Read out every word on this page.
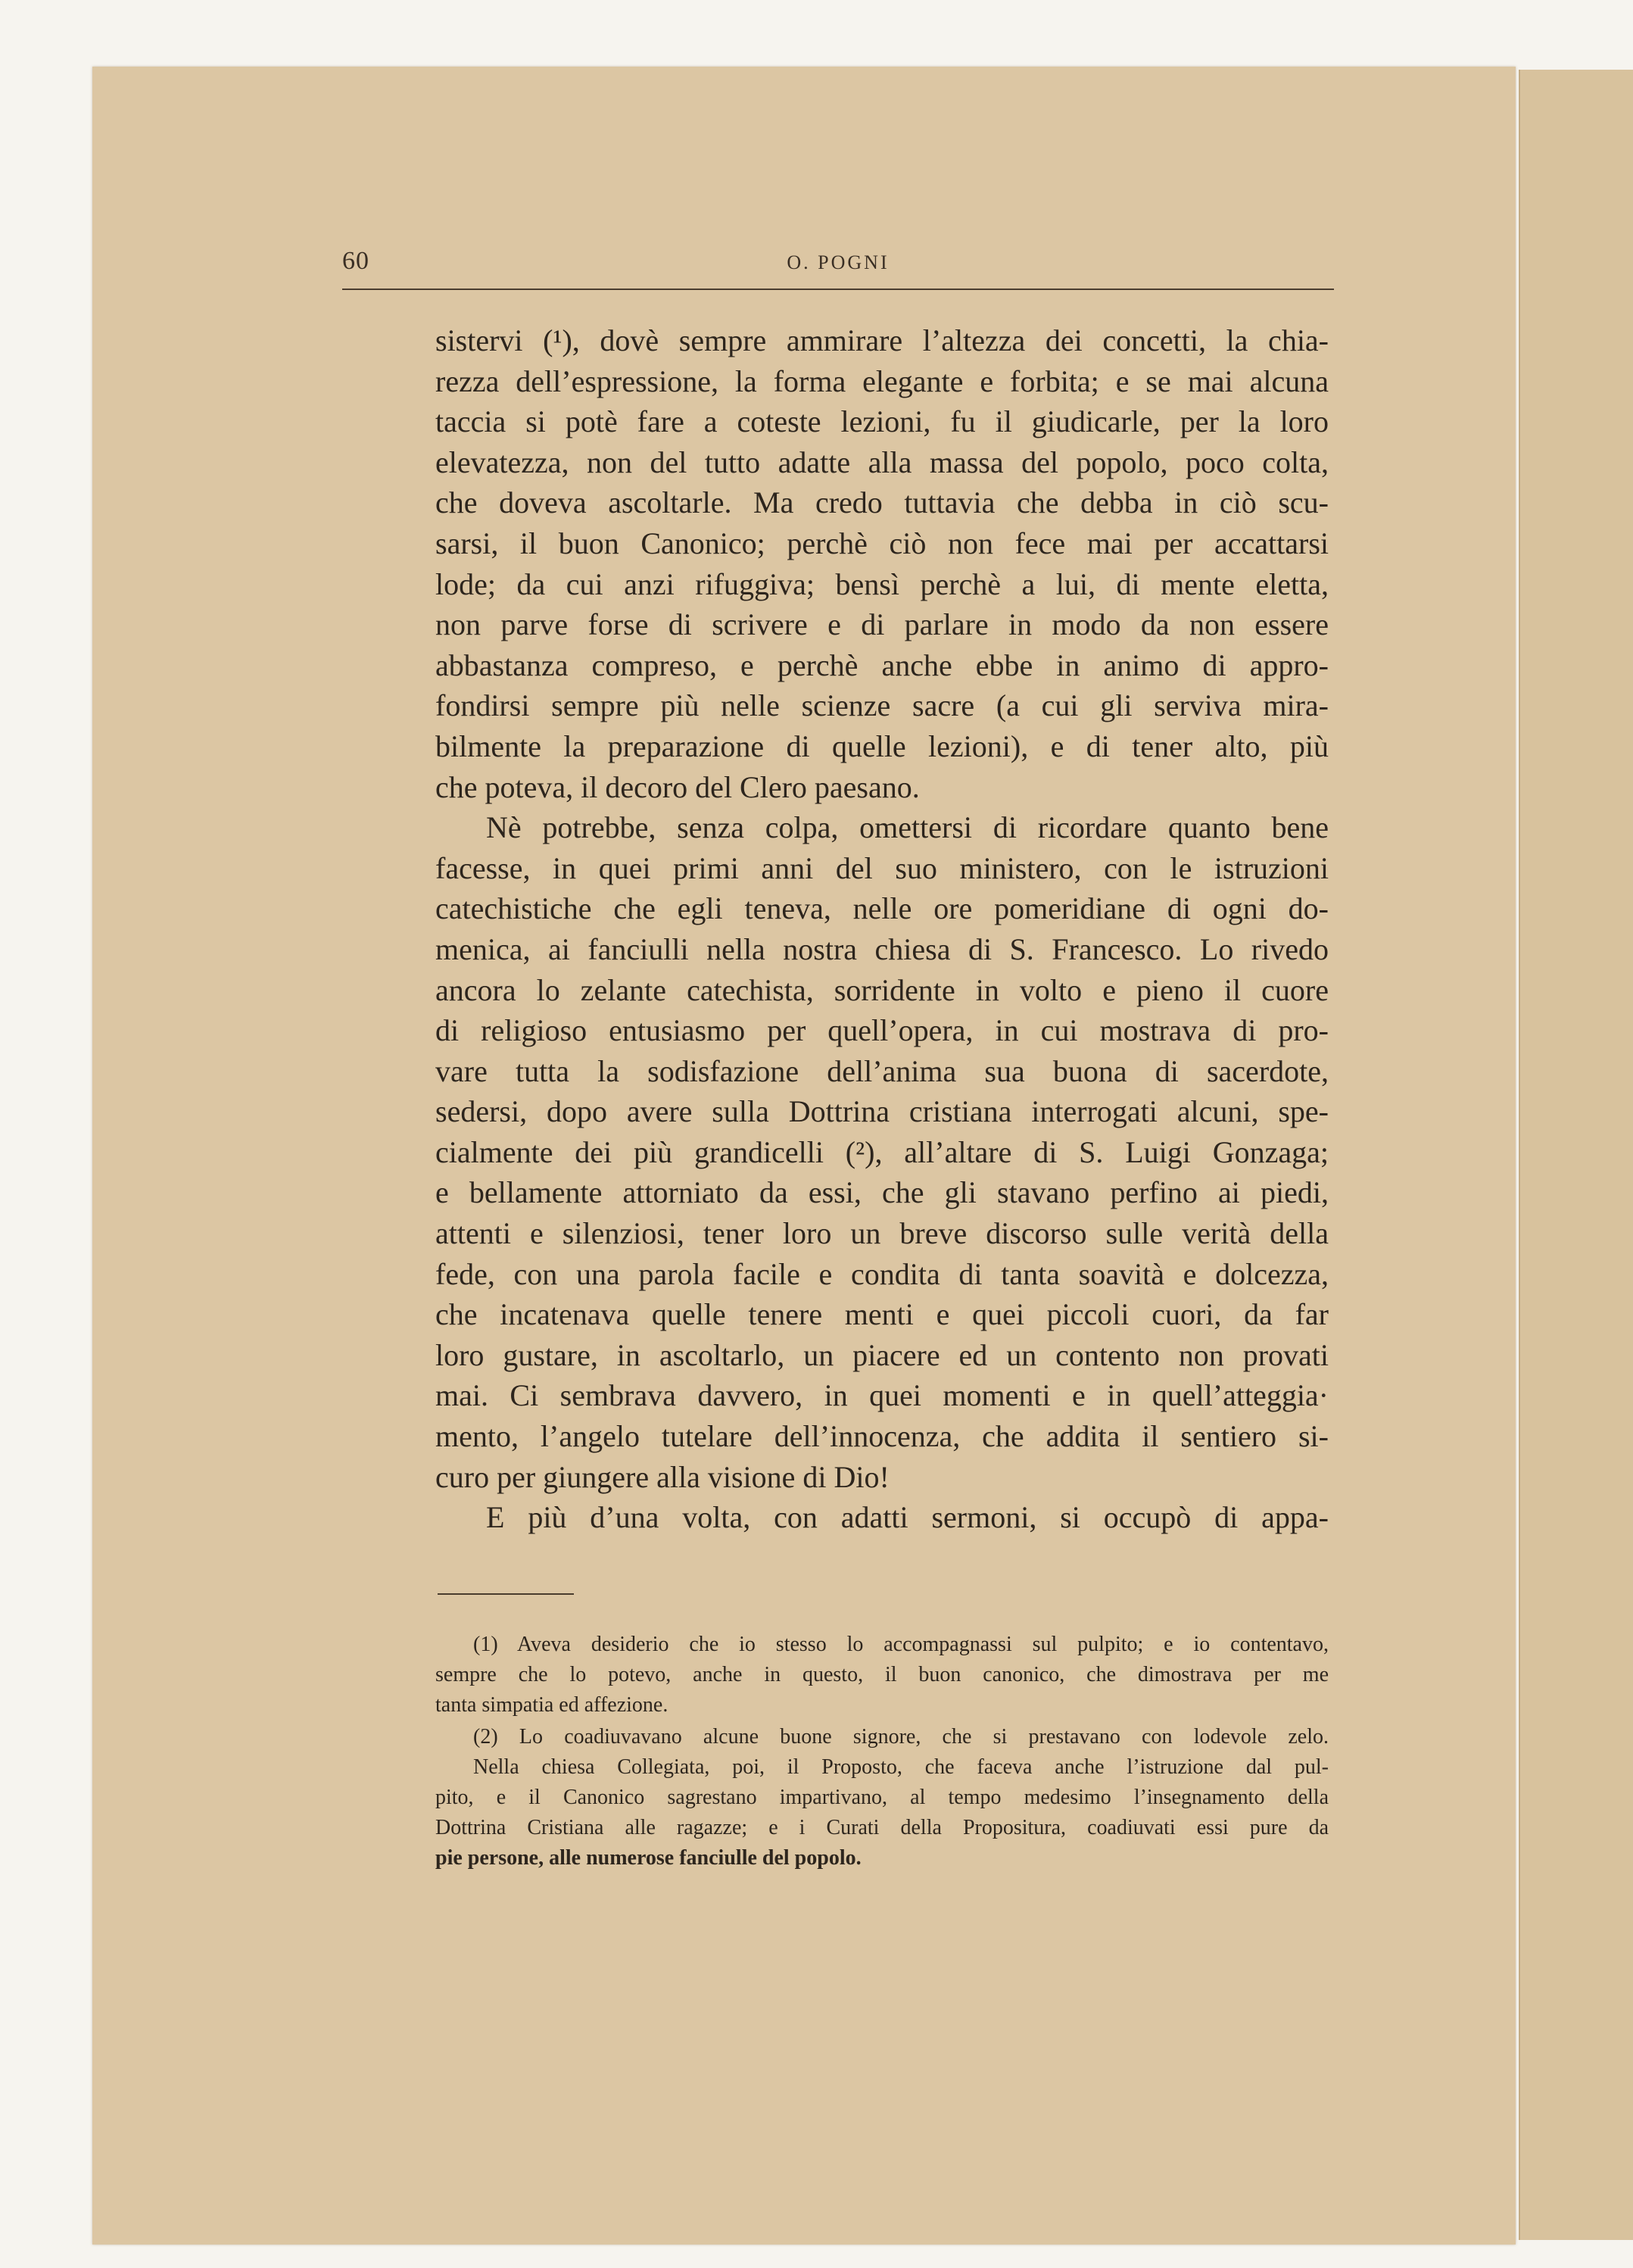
60	O. POGNI
sistervi (¹), dovè sempre ammirare l’altezza dei concetti, la chia-
rezza dell’espressione, la forma elegante e forbita; e se mai alcuna
taccia si potè fare a coteste lezioni, fu il giudicarle, per la loro
elevatezza, non del tutto adatte alla massa del popolo, poco colta,
che doveva ascoltarle. Ma credo tuttavia che debba in ciò scu-
sarsi, il buon Canonico; perchè ciò non fece mai per accattarsi
lode; da cui anzi rifuggiva; bensì perchè a lui, di mente eletta,
non parve forse di scrivere e di parlare in modo da non essere
abbastanza compreso, e perchè anche ebbe in animo di appro-
fondirsi sempre più nelle scienze sacre (a cui gli serviva mira-
bilmente la preparazione di quelle lezioni), e di tener alto, più
che poteva, il decoro del Clero paesano.
Nè potrebbe, senza colpa, omettersi di ricordare quanto bene
facesse, in quei primi anni del suo ministero, con le istruzioni
catechistiche che egli teneva, nelle ore pomeridiane di ogni do-
menica, ai fanciulli nella nostra chiesa di S. Francesco. Lo rivedo
ancora lo zelante catechista, sorridente in volto e pieno il cuore
di religioso entusiasmo per quell’opera, in cui mostrava di pro-
vare tutta la sodisfazione dell’anima sua buona di sacerdote,
sedersi, dopo avere sulla Dottrina cristiana interrogati alcuni, spe-
cialmente dei più grandicelli (²), all’altare di S. Luigi Gonzaga;
e bellamente attorniato da essi, che gli stavano perfino ai piedi,
attenti e silenziosi, tener loro un breve discorso sulle verità della
fede, con una parola facile e condita di tanta soavità e dolcezza,
che incatenava quelle tenere menti e quei piccoli cuori, da far
loro gustare, in ascoltarlo, un piacere ed un contento non provati
mai. Ci sembrava davvero, in quei momenti e in quell’atteggia·
mento, l’angelo tutelare dell’innocenza, che addita il sentiero si-
curo per giungere alla visione di Dio!
E più d’una volta, con adatti sermoni, si occupò di appa-
(1) Aveva desiderio che io stesso lo accompagnassi sul pulpito; e io contentavo,
sempre che lo potevo, anche in questo, il buon canonico, che dimostrava per me
tanta simpatia ed affezione.
(2) Lo coadiuvavano alcune buone signore, che si prestavano con lodevole zelo.
Nella chiesa Collegiata, poi, il Proposto, che faceva anche l’istruzione dal pul-
pito, e il Canonico sagrestano impartivano, al tempo medesimo l’insegnamento della
Dottrina Cristiana alle ragazze; e i Curati della Propositura, coadiuvati essi pure da
pie persone, alle numerose fanciulle del popolo.
